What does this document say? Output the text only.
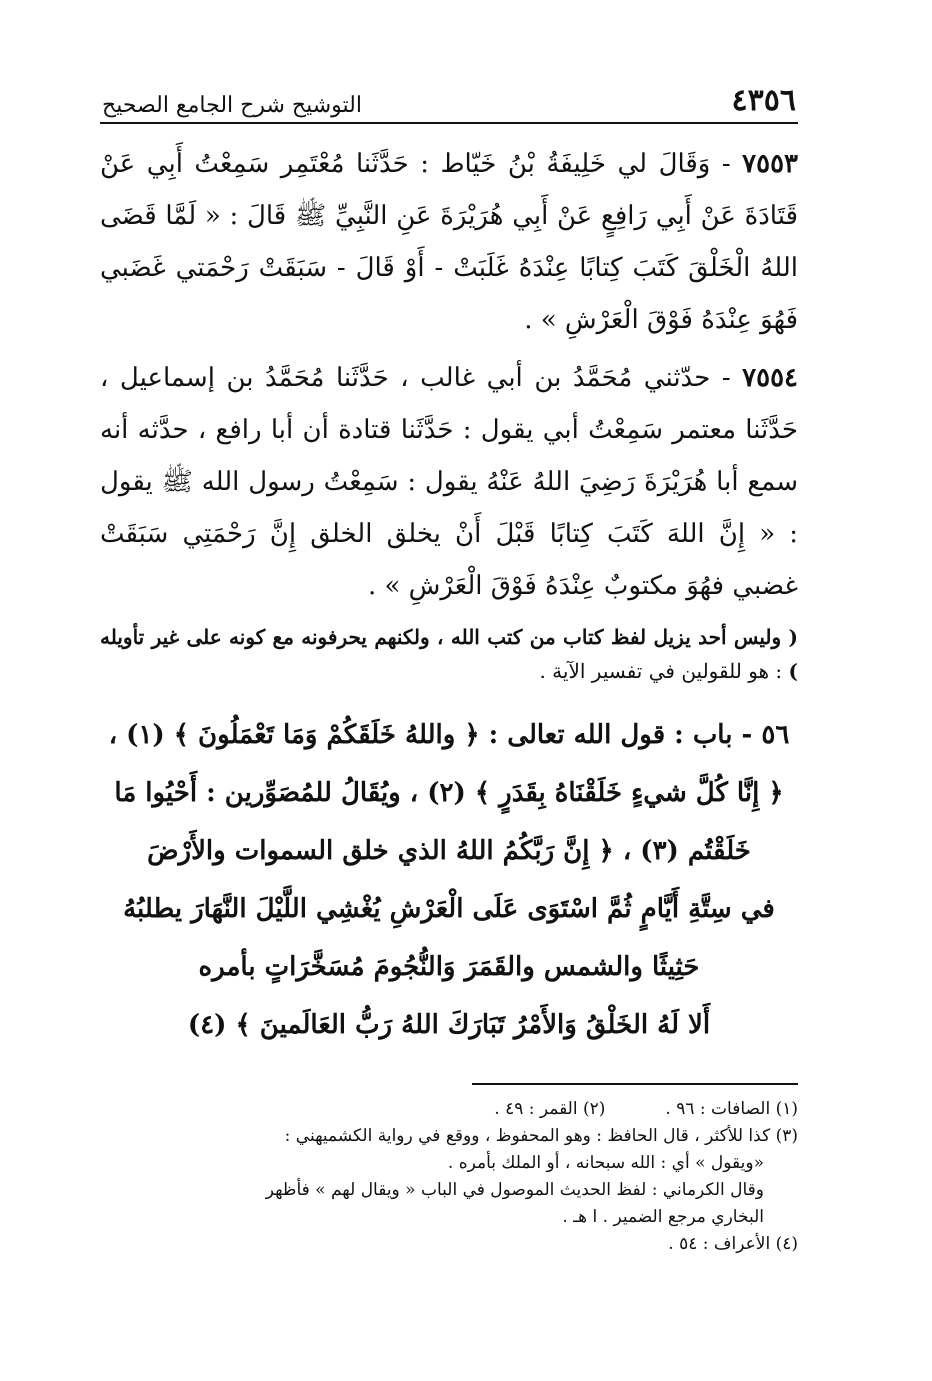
٤٣٥٦
التوشيح شرح الجامع الصحيح
٧٥٥٣ - وَقَالَ لي خَلِيفَةُ بْنُ خَيّاط : حَدَّثَنا مُعْتَمِر سَمِعْتُ أَبِي عَنْ قَتَادَةَ عَنْ أَبِي رَافِعٍ عَنْ أَبِي هُرَيْرَةَ عَنِ النَّبِيِّ ﷺ قَالَ : « لَمَّا قَضَى اللهُ الْخَلْقَ كَتَبَ كِتابًا عِنْدَهُ غَلَبَتْ - أَوْ قَالَ - سَبَقَتْ رَحْمَتي غَضَبي فَهُوَ عِنْدَهُ فَوْقَ الْعَرْشِ » .
٧٥٥٤ - حدّثني مُحَمَّدُ بن أبي غالب ، حَدَّثَنا مُحَمَّدُ بن إسماعيل ، حَدَّثَنا معتمر سَمِعْتُ أبي يقول : حَدَّثَنا قتادة أن أبا رافع ، حدَّثه أنه سمع أبا هُرَيْرَةَ رَضِيَ اللهُ عَنْهُ يقول : سَمِعْتُ رسول الله ﷺ يقول : « إِنَّ اللهَ كَتَبَ كِتابًا قَبْلَ أَنْ يخلق الخلق إِنَّ رَحْمَتِي سَبَقَتْ غضبي فهُوَ مكتوبٌ عِنْدَهُ فَوْقَ الْعَرْشِ » .
( وليس أحد يزيل لفظ كتاب من كتب الله ، ولكنهم يحرفونه مع كونه على غير تأويله ) : هو للقولين في تفسير الآية .
٥٦ - باب : قول الله تعالى : ﴿ واللهُ خَلَقَكُمْ وَمَا تَعْمَلُونَ ﴾ (١) ،
﴿ إِنَّا كُلَّ شيءٍ خَلَقْنَاهُ بِقَدَرٍ ﴾ (٢) ، ويُقَالُ للمُصَوِّرين : أَحْيُوا مَا
خَلَقْتُم (٣) ، ﴿ إِنَّ رَبَّكُمُ اللهُ الذي خلق السموات والأَرْضَ
في سِتَّةِ أَيَّامٍ ثُمَّ اسْتَوَى عَلَى الْعَرْشِ يُغْشِي اللَّيْلَ النَّهَارَ يطلبُهُ
حَثِيثًا والشمس والقَمَرَ وَالنُّجُومَ مُسَخَّرَاتٍ بأمره
أَلا لَهُ الخَلْقُ وَالأَمْرُ تَبَارَكَ اللهُ رَبُّ العَالَمينَ ﴾ (٤)
(١) الصافات : ٩٦ .
(٢) القمر : ٤٩ .
(٣) كذا للأكثر ، قال الحافظ : وهو المحفوظ ، ووقع في رواية الكشميهني :
«ويقول » أي : الله سبحانه ، أو الملك بأمره .
وقال الكرماني : لفظ الحديث الموصول في الباب « ويقال لهم » فأظهر
البخاري مرجع الضمير . ا هـ .
(٤) الأعراف : ٥٤ .
